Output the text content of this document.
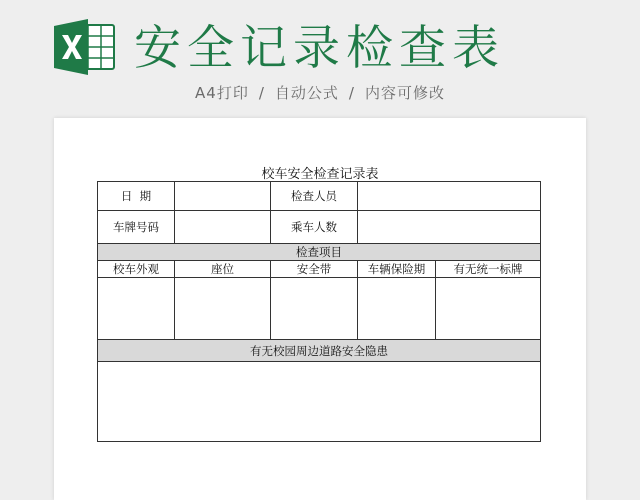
安全记录检查表
A4打印 / 自动公式 / 内容可修改
校车安全检查记录表
日  期		检查人员		
车牌号码		乘车人数		
检查项目				
校车外观	座位	安全带	车辆保险期	有无统一标牌

有无校园周边道路安全隐患				
